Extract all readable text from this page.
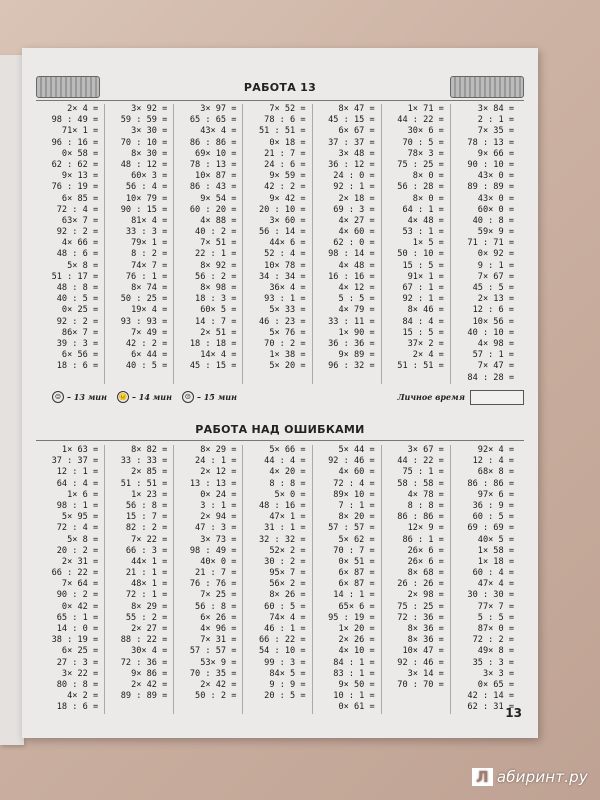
РАБОТА 13
2× 4 =
98 : 49 =
71× 1 =
96 : 16 =
0× 58 =
62 : 62 =
9× 13 =
76 : 19 =
6× 85 =
72 : 4 =
63× 7 =
92 : 2 =
4× 66 =
48 : 6 =
5× 8 =
51 : 17 =
48 : 8 =
40 : 5 =
0× 25 =
92 : 2 =
86× 7 =
39 : 3 =
6× 56 =
18 : 6 =
3× 92 =
59 : 59 =
3× 30 =
70 : 10 =
8× 30 =
48 : 12 =
60× 3 =
56 : 4 =
10× 79 =
90 : 15 =
81× 4 =
33 : 3 =
79× 1 =
8 : 2 =
74× 7 =
76 : 1 =
8× 74 =
50 : 25 =
19× 4 =
93 : 93 =
7× 49 =
42 : 2 =
6× 44 =
40 : 5 =
3× 97 =
65 : 65 =
43× 4 =
86 : 86 =
69× 10 =
78 : 13 =
10× 87 =
86 : 43 =
9× 54 =
60 : 20 =
4× 88 =
40 : 2 =
7× 51 =
22 : 1 =
8× 92 =
56 : 2 =
8× 98 =
18 : 3 =
60× 5 =
14 : 7 =
2× 51 =
18 : 18 =
14× 4 =
45 : 15 =
7× 52 =
78 : 6 =
51 : 51 =
0× 18 =
21 : 7 =
24 : 6 =
9× 59 =
42 : 2 =
9× 42 =
20 : 10 =
3× 60 =
56 : 14 =
44× 6 =
52 : 4 =
10× 78 =
34 : 34 =
36× 4 =
93 : 1 =
5× 33 =
46 : 23 =
5× 76 =
70 : 2 =
1× 38 =
5× 20 =
8× 47 =
45 : 15 =
6× 67 =
37 : 37 =
3× 48 =
36 : 12 =
24 : 0 =
92 : 1 =
2× 18 =
69 : 3 =
4× 27 =
4× 60 =
62 : 0 =
98 : 14 =
4× 48 =
16 : 16 =
4× 12 =
5 : 5 =
4× 79 =
33 : 11 =
1× 90 =
36 : 36 =
9× 89 =
96 : 32 =
1× 71 =
44 : 22 =
30× 6 =
70 : 5 =
78× 3 =
75 : 25 =
8× 0 =
56 : 28 =
8× 0 =
64 : 1 =
4× 48 =
53 : 1 =
1× 5 =
50 : 10 =
15 : 5 =
91× 1 =
67 : 1 =
92 : 1 =
8× 46 =
84 : 4 =
15 : 5 =
37× 2 =
2× 4 =
51 : 51 =
3× 84 =
2 : 1 =
7× 35 =
78 : 13 =
9× 66 =
90 : 10 =
43× 0 =
89 : 89 =
43× 0 =
60× 0 =
40 : 8 =
59× 9 =
71 : 71 =
0× 92 =
9 : 1 =
7× 67 =
45 : 5 =
2× 13 =
12 : 6 =
10× 56 =
40 : 10 =
4× 98 =
57 : 1 =
7× 47 =
84 : 28 =
☺ – 13 мин 😐 – 14 мин	☹ – 15 мин	Личное время
РАБОТА НАД ОШИБКАМИ
1× 63 =
37 : 37 =
12 : 1 =
64 : 4 =
1× 6 =
98 : 1 =
5× 95 =
72 : 4 =
5× 8 =
20 : 2 =
2× 31 =
66 : 22 =
7× 64 =
90 : 2 =
0× 42 =
65 : 1 =
14 : 0 =
38 : 19 =
6× 25 =
27 : 3 =
3× 22 =
80 : 8 =
4× 2 =
18 : 6 =
8× 82 =
33 : 33 =
2× 85 =
51 : 51 =
1× 23 =
56 : 8 =
15 : 7 =
82 : 2 =
7× 22 =
66 : 3 =
44× 1 =
21 : 1 =
48× 1 =
72 : 1 =
8× 29 =
55 : 2 =
2× 27 =
88 : 22 =
30× 4 =
72 : 36 =
9× 86 =
2× 42 =
89 : 89 =
8× 29 =
24 : 1 =
2× 12 =
13 : 13 =
0× 24 =
3 : 1 =
2× 94 =
47 : 3 =
3× 73 =
98 : 49 =
40× 0 =
21 : 7 =
76 : 76 =
7× 25 =
56 : 8 =
6× 26 =
4× 96 =
7× 31 =
57 : 57 =
53× 9 =
70 : 35 =
2× 42 =
50 : 2 =
5× 66 =
44 : 4 =
4× 20 =
8 : 8 =
5× 0 =
48 : 16 =
47× 1 =
31 : 1 =
32 : 32 =
52× 2 =
30 : 2 =
95× 7 =
56× 2 =
8× 26 =
60 : 5 =
74× 4 =
46 : 1 =
66 : 22 =
54 : 10 =
99 : 3 =
84× 5 =
9 : 9 =
20 : 5 =
5× 44 =
92 : 46 =
4× 60 =
72 : 4 =
89× 10 =
7 : 1 =
8× 20 =
57 : 57 =
5× 62 =
70 : 7 =
0× 51 =
6× 87 =
6× 87 =
14 : 1 =
65× 6 =
95 : 19 =
1× 20 =
2× 26 =
4× 10 =
84 : 1 =
83 : 1 =
9× 50 =
10 : 1 =
0× 61 =
3× 67 =
44 : 22 =
75 : 1 =
58 : 58 =
4× 78 =
8 : 8 =
86 : 86 =
12× 9 =
86 : 1 =
26× 6 =
26× 6 =
8× 68 =
26 : 26 =
2× 98 =
75 : 25 =
72 : 36 =
8× 36 =
8× 36 =
10× 47 =
92 : 46 =
3× 14 =
70 : 70 =
92× 4 =
12 : 4 =
68× 8 =
86 : 86 =
97× 6 =
36 : 9 =
60 : 5 =
69 : 69 =
40× 5 =
1× 58 =
1× 18 =
60 : 4 =
47× 4 =
30 : 30 =
77× 7 =
5 : 5 =
87× 0 =
72 : 2 =
49× 8 =
35 : 3 =
3× 3 =
0× 65 =
42 : 14 =
62 : 31 =
13
Л абиринт.ру
